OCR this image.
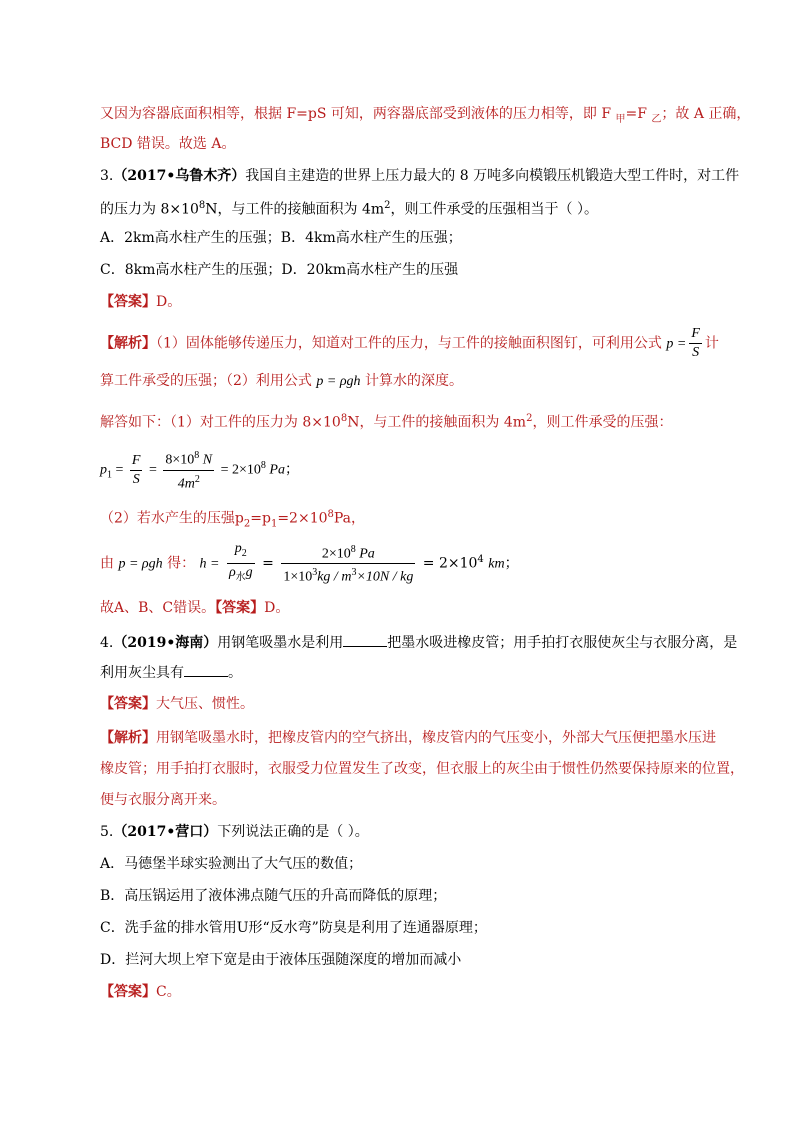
又因为容器底面积相等，根据 F=pS 可知，两容器底部受到液体的压力相等，即 F $_甲$=F $_乙$；故 A 正确，
BCD 错误。故选 A。
3.（2017•乌鲁木齐）我国自主建造的世界上压力最大的 8 万吨多向模锻压机锻造大型工件时，对工件
的压力为 $8\times 10^8N$，与工件的接触面积为 $4m^2$，则工件承受的压强相当于（ ）。
A．2km高水柱产生的压强；B．4km高水柱产生的压强；
C．8km高水柱产生的压强；D．20km高水柱产生的压强
【答案】D。
【解析】（1）固体能够传递压力，知道对工件的压力，与工件的接触面积图钉，可利用公式 $p = \frac{F}{S}$ 计
算工件承受的压强；（2）利用公式 p = ρgh 计算水的深度。
解答如下：（1）对工件的压力为 $8\times 10^8N$，与工件的接触面积为 $4m^2$，则工件承受的压强：
$p_1 = \frac{F}{S} = \frac{8\times 10^8 N}{4m^2} = 2\times 10^8$ Pa；
（2）若水产生的压强$p_2=p_1=2\times 10^8Pa$，
由 p = ρgh 得： $h = \frac{p_2}{\rho_水g} = \frac{2\times 10^8 Pa}{1\times 10^3kg / m^3\times 10N / kg} = 2\times 10^4$ km；
故A、B、C错误。【答案】D。
4.（2019•海南）用钢笔吸墨水是利用	把墨水吸进橡皮管；用手拍打衣服使灰尘与衣服分离，是
利用灰尘具有	。
【答案】大气压、惯性。
【解析】用钢笔吸墨水时，把橡皮管内的空气挤出，橡皮管内的气压变小，外部大气压便把墨水压进
橡皮管；用手拍打衣服时，衣服受力位置发生了改变，但衣服上的灰尘由于惯性仍然要保持原来的位置，
便与衣服分离开来。
5.（2017•营口）下列说法正确的是（ ）。
A．马德堡半球实验测出了大气压的数值；
B．高压锅运用了液体沸点随气压的升高而降低的原理；
C．洗手盆的排水管用U形“反水弯”防臭是利用了连通器原理；
D．拦河大坝上窄下宽是由于液体压强随深度的增加而减小
【答案】C。
